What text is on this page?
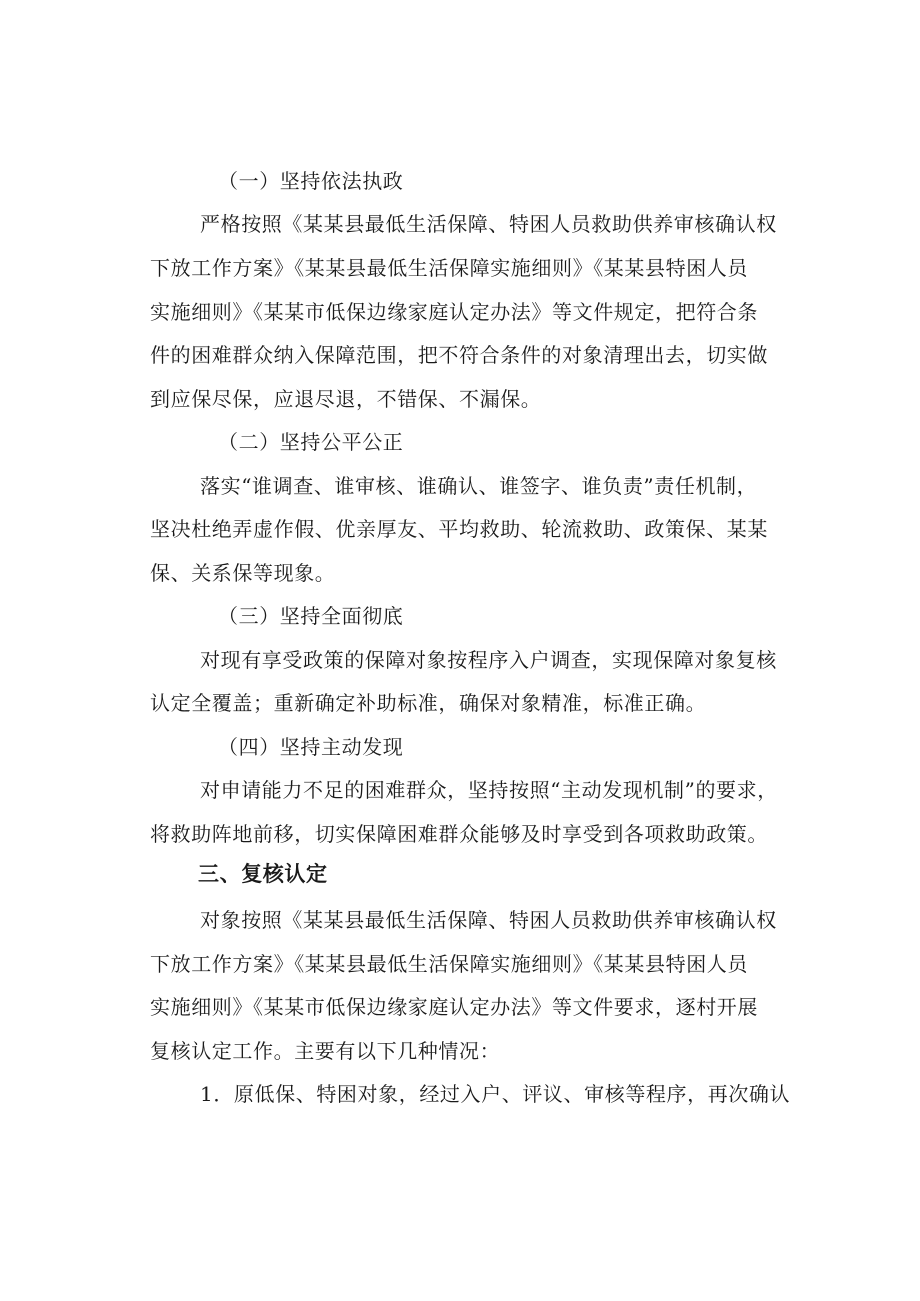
（一）坚持依法执政
严格按照《某某县最低生活保障、特困人员救助供养审核确认权
下放工作方案》《某某县最低生活保障实施细则》《某某县特困人员
实施细则》《某某市低保边缘家庭认定办法》等文件规定，把符合条
件的困难群众纳入保障范围，把不符合条件的对象清理出去，切实做
到应保尽保，应退尽退，不错保、不漏保。
（二）坚持公平公正
落实“谁调查、谁审核、谁确认、谁签字、谁负责”责任机制，
坚决杜绝弄虚作假、优亲厚友、平均救助、轮流救助、政策保、某某
保、关系保等现象。
（三）坚持全面彻底
对现有享受政策的保障对象按程序入户调查，实现保障对象复核
认定全覆盖；重新确定补助标准，确保对象精准，标准正确。
（四）坚持主动发现
对申请能力不足的困难群众，坚持按照“主动发现机制”的要求，
将救助阵地前移，切实保障困难群众能够及时享受到各项救助政策。
三、复核认定
对象按照《某某县最低生活保障、特困人员救助供养审核确认权
下放工作方案》《某某县最低生活保障实施细则》《某某县特困人员
实施细则》《某某市低保边缘家庭认定办法》等文件要求，逐村开展
复核认定工作。主要有以下几种情况：
1．原低保、特困对象，经过入户、评议、审核等程序，再次确认
